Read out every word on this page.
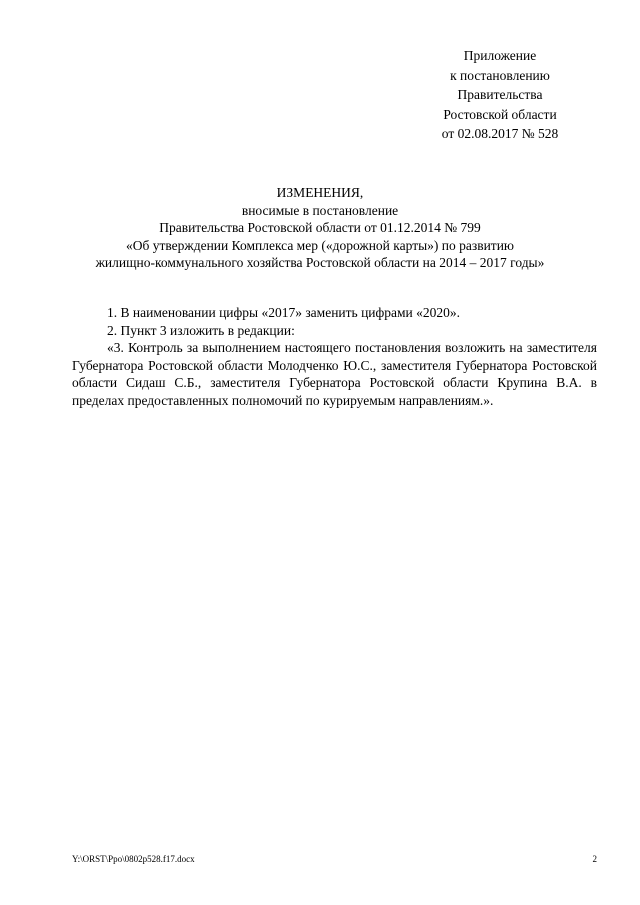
Приложение
к постановлению
Правительства
Ростовской области
от 02.08.2017 № 528
ИЗМЕНЕНИЯ,
вносимые в постановление
Правительства Ростовской области от 01.12.2014 № 799
«Об утверждении Комплекса мер («дорожной карты») по развитию
жилищно-коммунального хозяйства Ростовской области на 2014 – 2017 годы»

1. В наименовании цифры «2017» заменить цифрами «2020».

2. Пункт 3 изложить в редакции:

«3. Контроль за выполнением настоящего постановления возложить на заместителя Губернатора Ростовской области Молодченко Ю.С., заместителя Губернатора Ростовской области Сидаш С.Б., заместителя Губернатора Ростовской области Крупина В.А. в пределах предоставленных полномочий по курируемым направлениям.».

Y:\ORST\Ppo\0802p528.f17.docx	2
